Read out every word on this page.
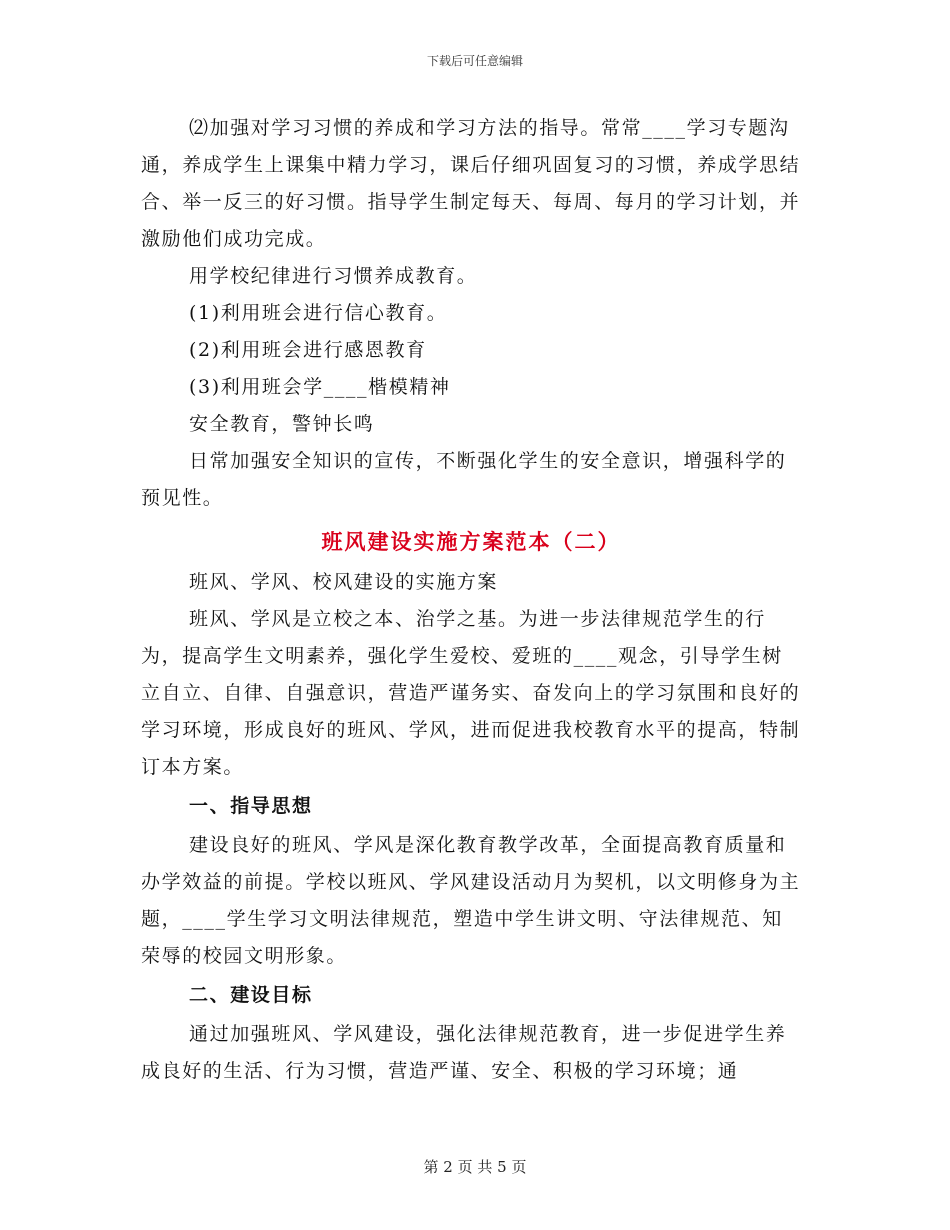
下载后可任意编辑

⑵加强对学习习惯的养成和学习方法的指导。常常____学习专题沟通，养成学生上课集中精力学习，课后仔细巩固复习的习惯，养成学思结合、举一反三的好习惯。指导学生制定每天、每周、每月的学习计划，并激励他们成功完成。

用学校纪律进行习惯养成教育。

(1)利用班会进行信心教育。

(2)利用班会进行感恩教育

(3)利用班会学____楷模精神

安全教育，警钟长鸣

日常加强安全知识的宣传，不断强化学生的安全意识，增强科学的预见性。

班风建设实施方案范本（二）

班风、学风、校风建设的实施方案

班风、学风是立校之本、治学之基。为进一步法律规范学生的行为，提高学生文明素养，强化学生爱校、爱班的____观念，引导学生树立自立、自律、自强意识，营造严谨务实、奋发向上的学习氛围和良好的学习环境，形成良好的班风、学风，进而促进我校教育水平的提高，特制订本方案。

一、指导思想

建设良好的班风、学风是深化教育教学改革，全面提高教育质量和办学效益的前提。学校以班风、学风建设活动月为契机，以文明修身为主题，____学生学习文明法律规范，塑造中学生讲文明、守法律规范、知荣辱的校园文明形象。

二、建设目标

通过加强班风、学风建设，强化法律规范教育，进一步促进学生养成良好的生活、行为习惯，营造严谨、安全、积极的学习环境；通

第 2 页 共 5 页
